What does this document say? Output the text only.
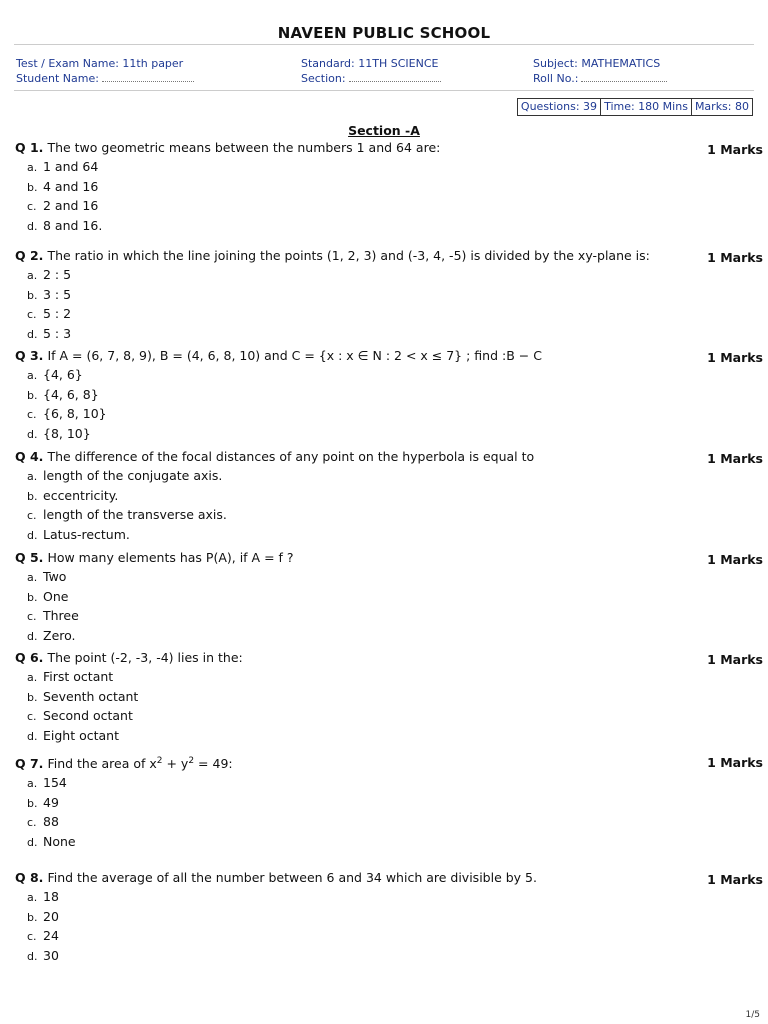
NAVEEN PUBLIC SCHOOL
Test / Exam Name: 11th paper
Student Name:
Standard: 11TH SCIENCE
Section:
Subject: MATHEMATICS
Roll No.:
Questions: 39 Time: 180 Mins Marks: 80
Section -A
Q 1. The two geometric means between the numbers 1 and 64 are:	1 Marks
a. 1 and 64
b. 4 and 16
c. 2 and 16
d. 8 and 16.
Q 2. The ratio in which the line joining the points (1, 2, 3) and (-3, 4, -5) is divided by the xy-plane is:	1 Marks
a. 2 : 5
b. 3 : 5
c. 5 : 2
d. 5 : 3
Q 3. If A = (6, 7, 8, 9), B = (4, 6, 8, 10) and C = {x : x ∈ N : 2 < x ≤ 7} ; find :B − C	1 Marks
a. {4, 6}
b. {4, 6, 8}
c. {6, 8, 10}
d. {8, 10}
Q 4. The difference of the focal distances of any point on the hyperbola is equal to	1 Marks
a. length of the conjugate axis.
b. eccentricity.
c. length of the transverse axis.
d. Latus-rectum.
Q 5. How many elements has P(A), if A = f ?	1 Marks
a. Two
b. One
c. Three
d. Zero.
Q 6. The point (-2, -3, -4) lies in the:	1 Marks
a. First octant
b. Seventh octant
c. Second octant
d. Eight octant
Q 7. Find the area of $x^2 + y^2 = 49$:	1 Marks
a. 154
b. 49
c. 88
d. None
Q 8. Find the average of all the number between 6 and 34 which are divisible by 5.	1 Marks
a. 18
b. 20
c. 24
d. 30
1/5
